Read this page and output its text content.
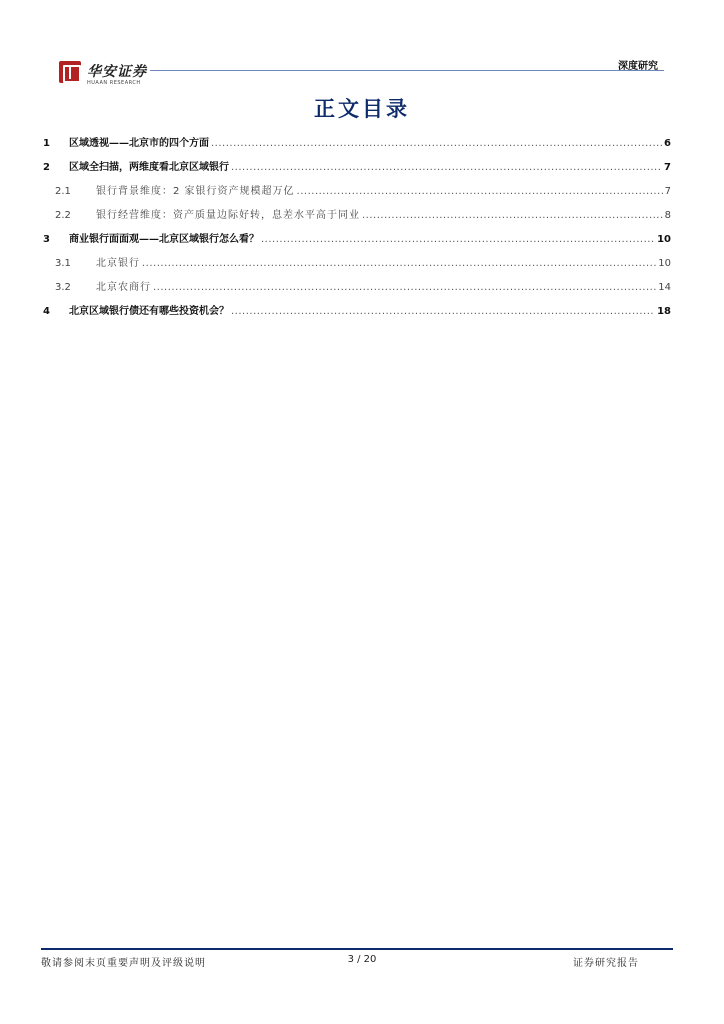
华安证券
HUAAN RESEARCH
深度研究
正文目录
1	区域透视——北京市的四个方面 .....	6
2	区域全扫描，两维度看北京区域银行 .....	7
2.1	银行背景维度：2 家银行资产规模超万亿 .....	7
2.2	银行经营维度：资产质量边际好转，息差水平高于同业 .....	8
3	商业银行面面观——北京区域银行怎么看？ .....	10
3.1	北京银行 .....	10
3.2	北京农商行 .....	14
4	北京区域银行债还有哪些投资机会？ .....	18
敬请参阅末页重要声明及评级说明	3 / 20	证券研究报告
